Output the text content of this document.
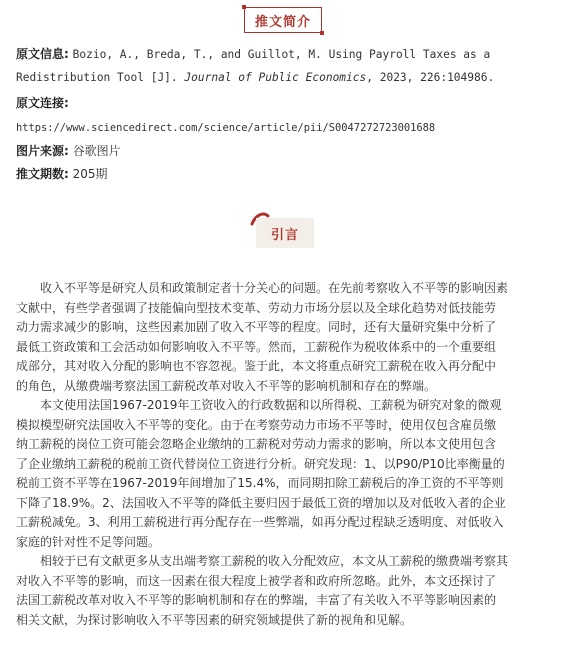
推文简介
原文信息: Bozio, A., Breda, T., and Guillot, M. Using Payroll Taxes as a
Redistribution Tool [J]. Journal of Public Economics, 2023, 226:104986.
原文连接:
https://www.sciencedirect.com/science/article/pii/S0047272723001688
图片来源: 谷歌图片
推文期数: 205期
引言
收入不平等是研究人员和政策制定者十分关心的问题。在先前考察收入不平等的影响因素
文献中，有些学者强调了技能偏向型技术变革、劳动力市场分层以及全球化趋势对低技能劳
动力需求减少的影响，这些因素加剧了收入不平等的程度。同时，还有大量研究集中分析了
最低工资政策和工会活动如何影响收入不平等。然而，工薪税作为税收体系中的一个重要组
成部分，其对收入分配的影响也不容忽视。鉴于此，本文将重点研究工薪税在收入再分配中
的角色，从缴费端考察法国工薪税改革对收入不平等的影响机制和存在的弊端。
本文使用法国1967-2019年工资收入的行政数据和以所得税、工薪税为研究对象的微观
模拟模型研究法国收入不平等的变化。由于在考察劳动力市场不平等时，使用仅包含雇员缴
纳工薪税的岗位工资可能会忽略企业缴纳的工薪税对劳动力需求的影响，所以本文使用包含
了企业缴纳工薪税的税前工资代替岗位工资进行分析。研究发现：1、以P90/P10比率衡量的
税前工资不平等在1967-2019年间增加了15.4%，而同期扣除工薪税后的净工资的不平等则
下降了18.9%。2、法国收入不平等的降低主要归因于最低工资的增加以及对低收入者的企业
工薪税减免。3、利用工薪税进行再分配存在一些弊端，如再分配过程缺乏透明度、对低收入
家庭的针对性不足等问题。
相较于已有文献更多从支出端考察工薪税的收入分配效应，本文从工薪税的缴费端考察其
对收入不平等的影响，而这一因素在很大程度上被学者和政府所忽略。此外，本文还探讨了
法国工薪税改革对收入不平等的影响机制和存在的弊端，丰富了有关收入不平等影响因素的
相关文献，为探讨影响收入不平等因素的研究领域提供了新的视角和见解。
